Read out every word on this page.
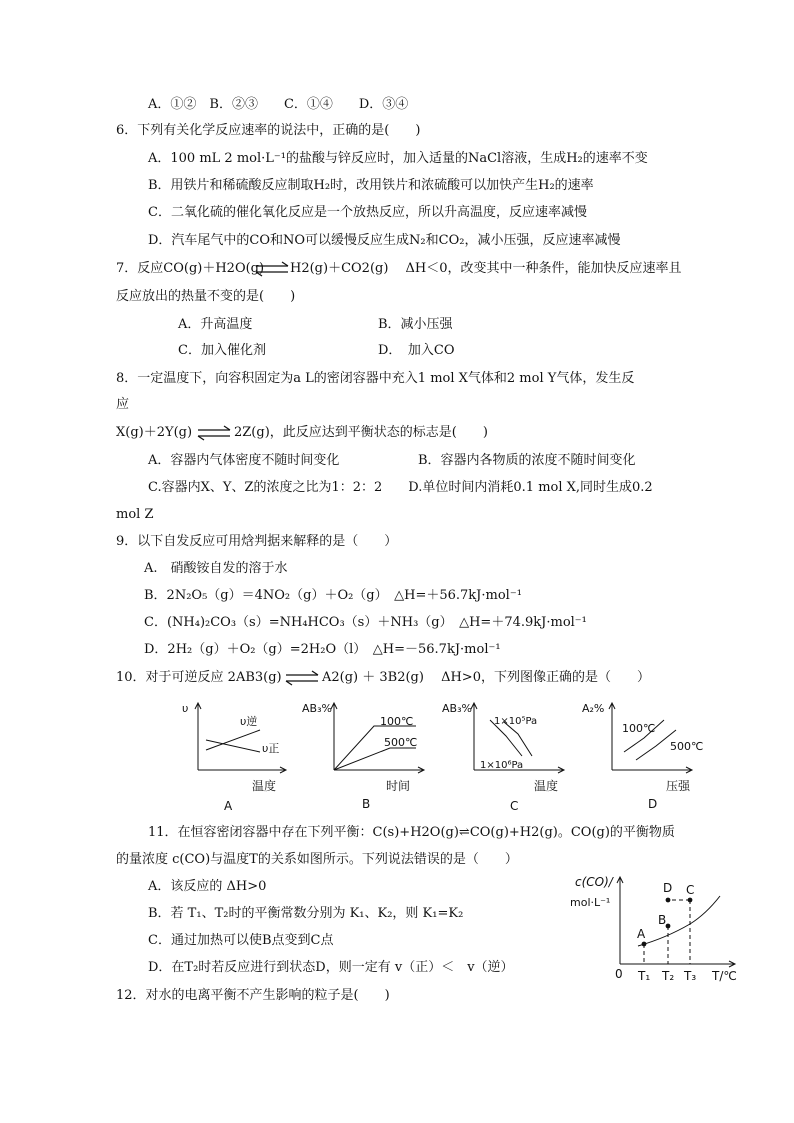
A．①②　B．②③　　C．①④　　D．③④
6．下列有关化学反应速率的说法中，正确的是(　　)
A．100 mL 2 mol·L⁻¹的盐酸与锌反应时，加入适量的NaCl溶液，生成H₂的速率不变
B．用铁片和稀硫酸反应制取H₂时，改用铁片和浓硫酸可以加快产生H₂的速率
C．二氧化硫的催化氧化反应是一个放热反应，所以升高温度，反应速率减慢
D．汽车尾气中的CO和NO可以缓慢反应生成N₂和CO₂，减小压强，反应速率减慢
7．反应CO(g)＋H2O(g) ⇌ H2(g)＋CO2(g)　 ΔH＜0，改变其中一种条件，能加快反应速率且
反应放出的热量不变的是(　　)
A．升高温度	B．减小压强
C．加入催化剂	D．　加入CO
8．一定温度下，向容积固定为a L的密闭容器中充入1 mol X气体和2 mol Y气体，发生反
应
X(g)＋2Y(g) ⇌ 2Z(g)，此反应达到平衡状态的标志是(　　)
A．容器内气体密度不随时间变化	B．容器内各物质的浓度不随时间变化
C.容器内X、Y、Z的浓度之比为1：2：2　　D.单位时间内消耗0.1 mol X,同时生成0.2
mol Z
9．以下自发反应可用焓判据来解释的是（　　）
A.　硝酸铵自发的溶于水
B．2N₂O₅（g）＝4NO₂（g）＋O₂（g）　△H=＋56.7kJ·mol⁻¹
C．(NH₄)₂CO₃（s）=NH₄HCO₃（s）＋NH₃（g）　△H=＋74.9kJ·mol⁻¹
D．2H₂（g）＋O₂（g）=2H₂O（l）　△H=－56.7kJ·mol⁻¹
10．对于可逆反应 2AB3(g) ⇌ A2(g) ＋ 3B2(g)　 ΔH>0，下列图像正确的是（　　）
υ
υ逆
υ正
温度
A
AB₃%
100℃
500℃
时间
B
AB₃%
1×10⁵Pa
1×10⁶Pa
温度
C
A₂%
100℃
500℃
压强
D
11．在恒容密闭容器中存在下列平衡：C(s)+H2O(g)⇌CO(g)+H2(g)。CO(g)的平衡物质
的量浓度 c(CO)与温度T的关系如图所示。下列说法错误的是（　　）
A．该反应的 ΔH>0
B．若 T₁、T₂时的平衡常数分别为 K₁、K₂，则 K₁=K₂
C．通过加热可以使B点变到C点
D．在T₂时若反应进行到状态D，则一定有 v（正）＜　v（逆）
c(CO)/
mol·L⁻¹
0 T₁ T₂ T₃ T/℃
A
B
C
D
12．对水的电离平衡不产生影响的粒子是(　　)
